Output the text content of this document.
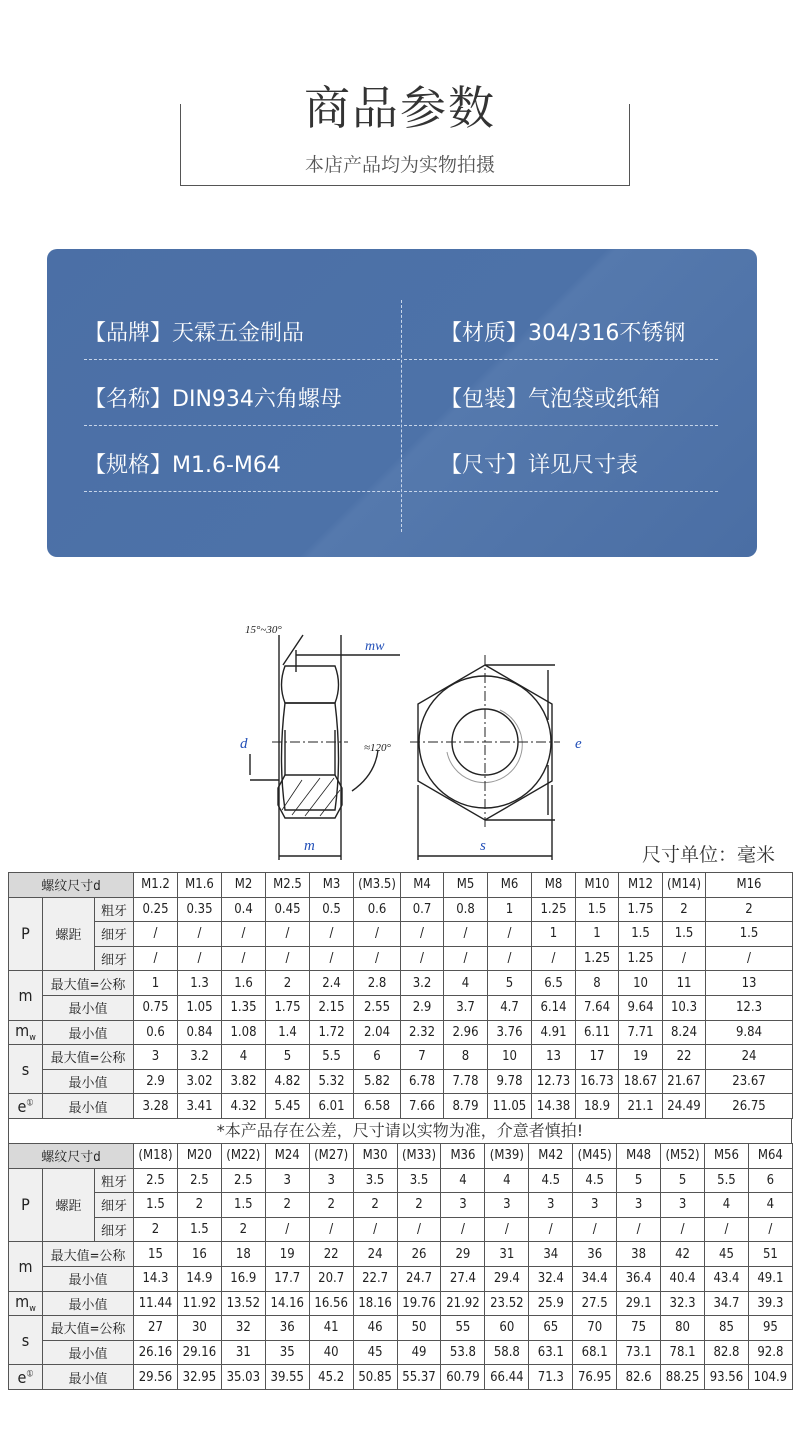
商品参数
本店产品均为实物拍摄
【品牌】天霖五金制品	【材质】304/316不锈钢
【名称】DIN934六角螺母	【包装】气泡袋或纸箱
【规格】M1.6-M64	【尺寸】详见尺寸表
15°~30°
≈120°
mw
d
m	s
e
尺寸单位：毫米
螺纹尺寸d			M1.2	M1.6	M2	M2.5	M3	(M3.5)	M4	M5	M6	M8	M10	M12	(M14)	M16
P	螺距	粗牙	0.25	0.35	0.4	0.45	0.5	0.6	0.7	0.8	1	1.25	1.5	1.75	2	2
		细牙	/	/	/	/	/	/	/	/	/	1	1	1.5	1.5	1.5
		细牙	/	/	/	/	/	/	/	/	/	/	1.25	1.25	/	/
m	最大值=公称		1	1.3	1.6	2	2.4	2.8	3.2	4	5	6.5	8	10	11	13
	最小值		0.75	1.05	1.35	1.75	2.15	2.55	2.9	3.7	4.7	6.14	7.64	9.64	10.3	12.3
$m_w$	最小值		0.6	0.84	1.08	1.4	1.72	2.04	2.32	2.96	3.76	4.91	6.11	7.71	8.24	9.84
s	最大值=公称		3	3.2	4	5	5.5	6	7	8	10	13	17	19	22	24
	最小值		2.9	3.02	3.82	4.82	5.32	5.82	6.78	7.78	9.78	12.73	16.73	18.67	21.67	23.67
e①	最小值		3.28	3.41	4.32	5.45	6.01	6.58	7.66	8.79	11.05	14.38	18.9	21.1	24.49	26.75
*本产品存在公差，尺寸请以实物为准，介意者慎拍!
螺纹尺寸d			(M18)	M20	(M22)	M24	(M27)	M30	(M33)	M36	(M39)	M42	(M45)	M48	(M52)	M56	M64
P	螺距	粗牙	2.5	2.5	2.5	3	3	3.5	3.5	4	4	4.5	4.5	5	5	5.5	6
		细牙	1.5	2	1.5	2	2	2	2	3	3	3	3	3	3	4	4
		细牙	2	1.5	2	/	/	/	/	/	/	/	/	/	/	/	/
m	最大值=公称		15	16	18	19	22	24	26	29	31	34	36	38	42	45	51
	最小值		14.3	14.9	16.9	17.7	20.7	22.7	24.7	27.4	29.4	32.4	34.4	36.4	40.4	43.4	49.1
$m_w$	最小值		11.44	11.92	13.52	14.16	16.56	18.16	19.76	21.92	23.52	25.9	27.5	29.1	32.3	34.7	39.3
s	最大值=公称		27	30	32	36	41	46	50	55	60	65	70	75	80	85	95
	最小值		26.16	29.16	31	35	40	45	49	53.8	58.8	63.1	68.1	73.1	78.1	82.8	92.8
e①	最小值		29.56	32.95	35.03	39.55	45.2	50.85	55.37	60.79	66.44	71.3	76.95	82.6	88.25	93.56	104.9
